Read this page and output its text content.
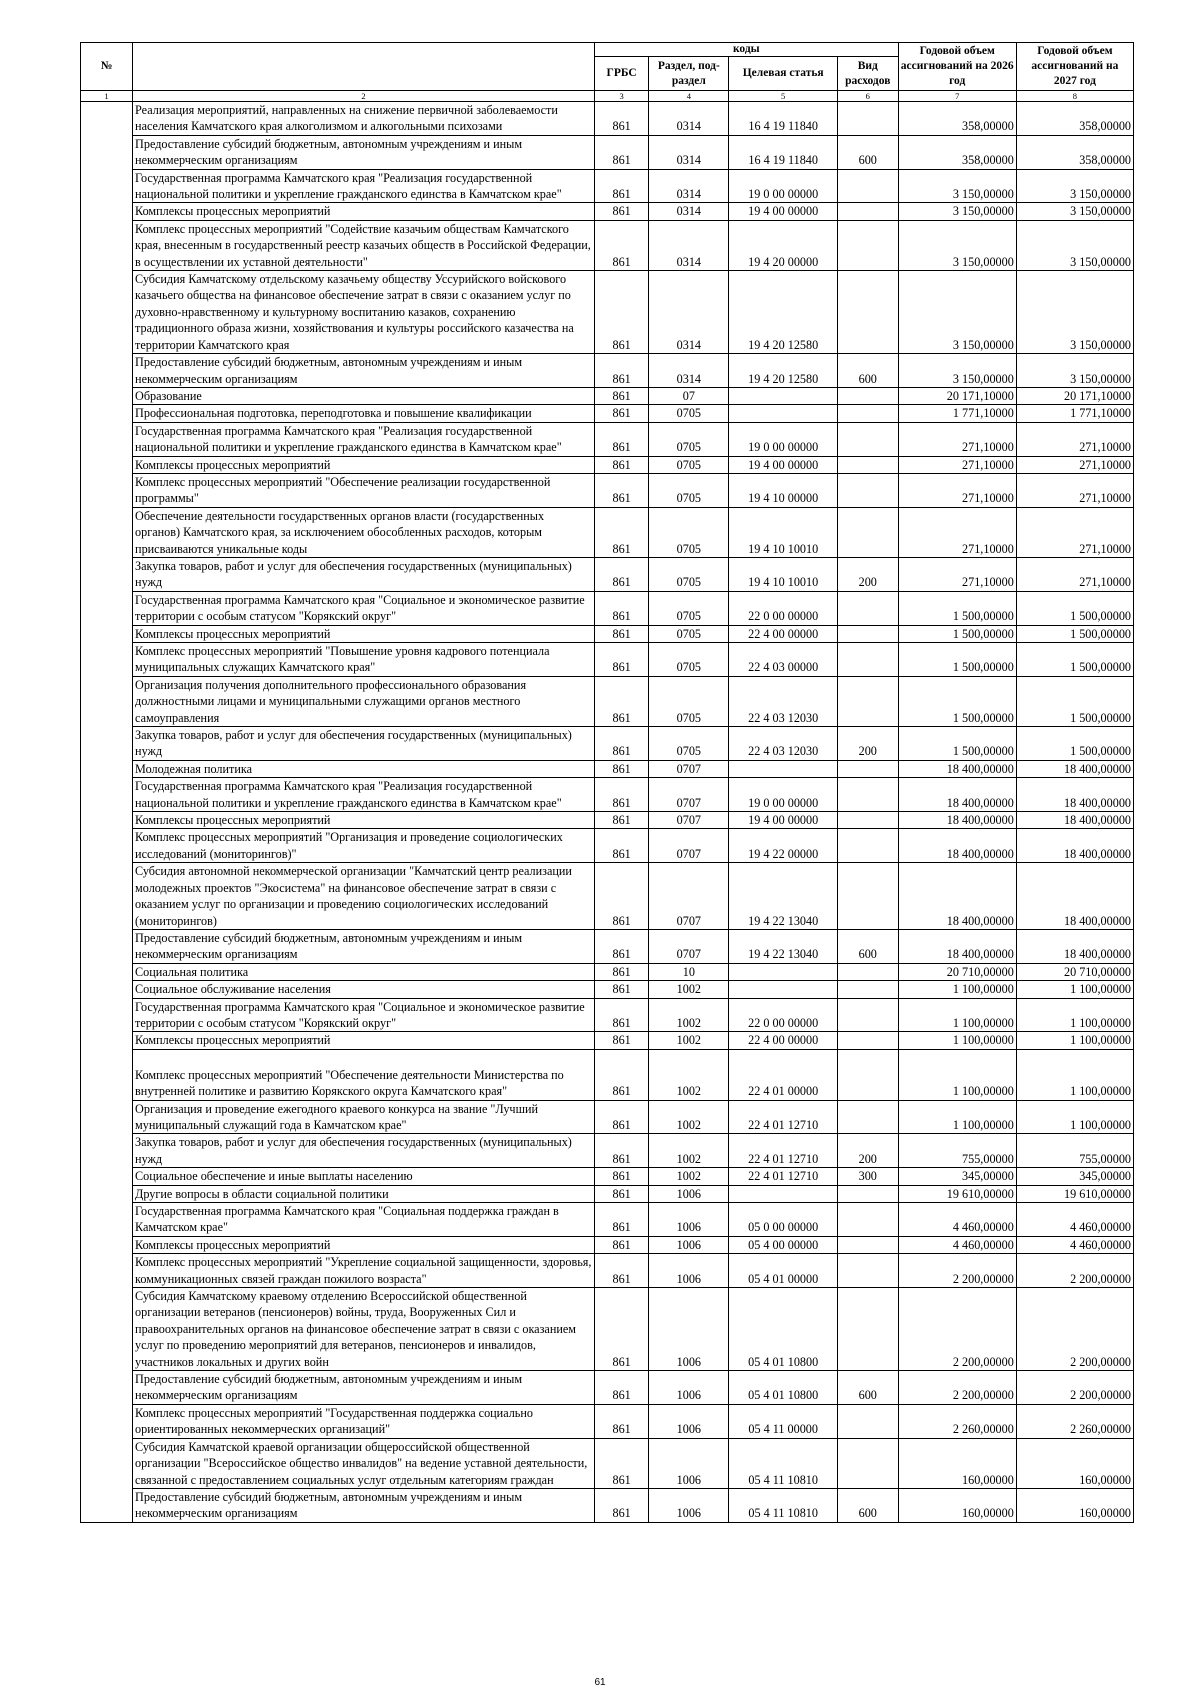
№		коды				Годовой объем ассигнований на 2026 год	Годовой объем ассигнований на 2027 год
		ГРБС	Раздел, под-раздел	Целевая статья	Вид расходов		
1	2	3	4	5	6	7	8
	Реализация мероприятий, направленных на снижение первичной заболеваемости населения Камчатского края алкоголизмом и алкогольными психозами	861	0314	16 4 19 11840		358,00000	358,00000
	Предоставление субсидий бюджетным, автономным учреждениям и иным некоммерческим организациям	861	0314	16 4 19 11840	600	358,00000	358,00000
	Государственная программа Камчатского края "Реализация государственной национальной политики и укрепление гражданского единства в Камчатском крае"	861	0314	19 0 00 00000		3 150,00000	3 150,00000
	Комплексы процессных мероприятий	861	0314	19 4 00 00000		3 150,00000	3 150,00000
	Комплекс процессных мероприятий "Содействие казачьим обществам Камчатского края, внесенным в государственный реестр казачьих обществ в Российской Федерации, в осуществлении их уставной деятельности"	861	0314	19 4 20 00000		3 150,00000	3 150,00000
	Субсидия Камчатскому отдельскому казачьему обществу Уссурийского войскового казачьего общества на финансовое обеспечение затрат в связи с оказанием услуг по духовно-нравственному и культурному воспитанию казаков, сохранению традиционного образа жизни, хозяйствования и культуры российского казачества на территории Камчатского края	861	0314	19 4 20 12580		3 150,00000	3 150,00000
	Предоставление субсидий бюджетным, автономным учреждениям и иным некоммерческим организациям	861	0314	19 4 20 12580	600	3 150,00000	3 150,00000
	Образование	861	07			20 171,10000	20 171,10000
	Профессиональная подготовка, переподготовка и повышение квалификации	861	0705			1 771,10000	1 771,10000
	Государственная программа Камчатского края "Реализация государственной национальной политики и укрепление гражданского единства в Камчатском крае"	861	0705	19 0 00 00000		271,10000	271,10000
	Комплексы процессных мероприятий	861	0705	19 4 00 00000		271,10000	271,10000
	Комплекс процессных мероприятий "Обеспечение реализации государственной программы"	861	0705	19 4 10 00000		271,10000	271,10000
	Обеспечение деятельности государственных органов власти (государственных органов) Камчатского края, за исключением обособленных расходов, которым присваиваются уникальные коды	861	0705	19 4 10 10010		271,10000	271,10000
	Закупка товаров, работ и услуг для обеспечения государственных (муниципальных) нужд	861	0705	19 4 10 10010	200	271,10000	271,10000
	Государственная программа Камчатского края "Социальное и экономическое развитие территории с особым статусом "Корякский округ"	861	0705	22 0 00 00000		1 500,00000	1 500,00000
	Комплексы процессных мероприятий	861	0705	22 4 00 00000		1 500,00000	1 500,00000
	Комплекс процессных мероприятий "Повышение уровня кадрового потенциала муниципальных служащих Камчатского края"	861	0705	22 4 03 00000		1 500,00000	1 500,00000
	Организация получения дополнительного профессионального образования должностными лицами и муниципальными служащими органов местного самоуправления	861	0705	22 4 03 12030		1 500,00000	1 500,00000
	Закупка товаров, работ и услуг для обеспечения государственных (муниципальных) нужд	861	0705	22 4 03 12030	200	1 500,00000	1 500,00000
	Молодежная политика	861	0707			18 400,00000	18 400,00000
	Государственная программа Камчатского края "Реализация государственной национальной политики и укрепление гражданского единства в Камчатском крае"	861	0707	19 0 00 00000		18 400,00000	18 400,00000
	Комплексы процессных мероприятий	861	0707	19 4 00 00000		18 400,00000	18 400,00000
	Комплекс процессных мероприятий "Организация и проведение социологических исследований (мониторингов)"	861	0707	19 4 22 00000		18 400,00000	18 400,00000
	Субсидия автономной некоммерческой организации "Камчатский центр реализации молодежных проектов "Экосистема" на финансовое обеспечение затрат в связи с оказанием услуг по организации и проведению социологических исследований (мониторингов)	861	0707	19 4 22 13040		18 400,00000	18 400,00000
	Предоставление субсидий бюджетным, автономным учреждениям и иным некоммерческим организациям	861	0707	19 4 22 13040	600	18 400,00000	18 400,00000
	Социальная политика	861	10			20 710,00000	20 710,00000
	Социальное обслуживание населения	861	1002			1 100,00000	1 100,00000
	Государственная программа Камчатского края "Социальное и экономическое развитие территории с особым статусом "Корякский округ"	861	1002	22 0 00 00000		1 100,00000	1 100,00000
	Комплексы процессных мероприятий	861	1002	22 4 00 00000		1 100,00000	1 100,00000
	Комплекс процессных мероприятий "Обеспечение деятельности Министерства по внутренней политике и развитию Корякского округа Камчатского края"	861	1002	22 4 01 00000		1 100,00000	1 100,00000
	Организация и проведение ежегодного краевого конкурса на звание "Лучший муниципальный служащий года в Камчатском крае"	861	1002	22 4 01 12710		1 100,00000	1 100,00000
	Закупка товаров, работ и услуг для обеспечения государственных (муниципальных) нужд	861	1002	22 4 01 12710	200	755,00000	755,00000
	Социальное обеспечение и иные выплаты населению	861	1002	22 4 01 12710	300	345,00000	345,00000
	Другие вопросы в области социальной политики	861	1006			19 610,00000	19 610,00000
	Государственная программа Камчатского края "Социальная поддержка граждан в Камчатском крае"	861	1006	05 0 00 00000		4 460,00000	4 460,00000
	Комплексы процессных мероприятий	861	1006	05 4 00 00000		4 460,00000	4 460,00000
	Комплекс процессных мероприятий "Укрепление социальной защищенности, здоровья, коммуникационных связей граждан пожилого возраста"	861	1006	05 4 01 00000		2 200,00000	2 200,00000
	Субсидия Камчатскому краевому отделению Всероссийской общественной организации ветеранов (пенсионеров) войны, труда, Вооруженных Сил и правоохранительных органов на финансовое обеспечение затрат в связи с оказанием услуг по проведению мероприятий для ветеранов, пенсионеров и инвалидов, участников локальных и других войн	861	1006	05 4 01 10800		2 200,00000	2 200,00000
	Предоставление субсидий бюджетным, автономным учреждениям и иным некоммерческим организациям	861	1006	05 4 01 10800	600	2 200,00000	2 200,00000
	Комплекс процессных мероприятий "Государственная поддержка социально ориентированных некоммерческих организаций"	861	1006	05 4 11 00000		2 260,00000	2 260,00000
	Субсидия Камчатской краевой организации общероссийской общественной организации "Всероссийское общество инвалидов" на ведение уставной деятельности, связанной с предоставлением социальных услуг отдельным категориям граждан	861	1006	05 4 11 10810		160,00000	160,00000
	Предоставление субсидий бюджетным, автономным учреждениям и иным некоммерческим организациям	861	1006	05 4 11 10810	600	160,00000	160,00000
61
